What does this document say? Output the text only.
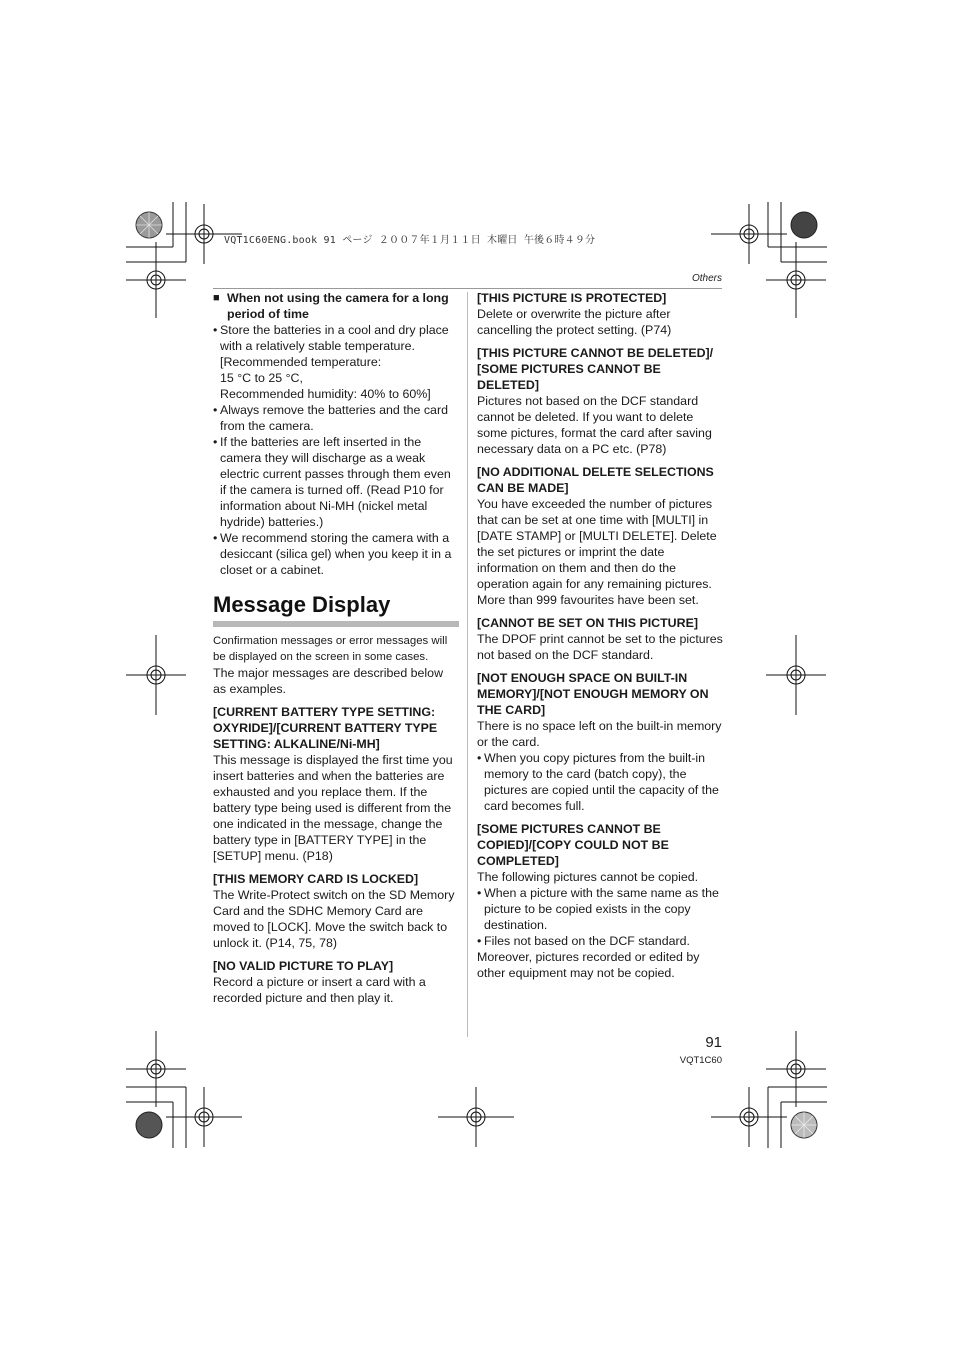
VQT1C60ENG.book 91 ページ ２００７年１月１１日 木曜日 午後６時４９分
Others
■ When not using the camera for a long period of time
• Store the batteries in a cool and dry place with a relatively stable temperature.
[Recommended temperature:
15 °C to 25 °C,
Recommended humidity: 40% to 60%]
• Always remove the batteries and the card from the camera.
• If the batteries are left inserted in the camera they will discharge as a weak electric current passes through them even if the camera is turned off. (Read P10 for information about Ni-MH (nickel metal hydride) batteries.)
• We recommend storing the camera with a desiccant (silica gel) when you keep it in a closet or a cabinet.

Message Display

Confirmation messages or error messages will be displayed on the screen in some cases.

The major messages are described below as examples.

[CURRENT BATTERY TYPE SETTING: OXYRIDE]/[CURRENT BATTERY TYPE SETTING: ALKALINE/Ni-MH]

This message is displayed the first time you insert batteries and when the batteries are exhausted and you replace them. If the battery type being used is different from the one indicated in the message, change the battery type in [BATTERY TYPE] in the [SETUP] menu. (P18)

[THIS MEMORY CARD IS LOCKED]

The Write-Protect switch on the SD Memory Card and the SDHC Memory Card are moved to [LOCK]. Move the switch back to unlock it. (P14, 75, 78)

[NO VALID PICTURE TO PLAY]

Record a picture or insert a card with a recorded picture and then play it.

[THIS PICTURE IS PROTECTED]

Delete or overwrite the picture after cancelling the protect setting. (P74)

[THIS PICTURE CANNOT BE DELETED]/ [SOME PICTURES CANNOT BE DELETED]

Pictures not based on the DCF standard cannot be deleted. If you want to delete some pictures, format the card after saving necessary data on a PC etc. (P78)

[NO ADDITIONAL DELETE SELECTIONS CAN BE MADE]

You have exceeded the number of pictures that can be set at one time with [MULTI] in [DATE STAMP] or [MULTI DELETE]. Delete the set pictures or imprint the date information on them and then do the operation again for any remaining pictures. More than 999 favourites have been set.

[CANNOT BE SET ON THIS PICTURE]

The DPOF print cannot be set to the pictures not based on the DCF standard.

[NOT ENOUGH SPACE ON BUILT-IN MEMORY]/[NOT ENOUGH MEMORY ON THE CARD]

There is no space left on the built-in memory or the card.

• When you copy pictures from the built-in memory to the card (batch copy), the pictures are copied until the capacity of the card becomes full.

[SOME PICTURES CANNOT BE COPIED]/[COPY COULD NOT BE COMPLETED]

The following pictures cannot be copied.

• When a picture with the same name as the picture to be copied exists in the copy destination.
• Files not based on the DCF standard.

Moreover, pictures recorded or edited by other equipment may not be copied.

91
VQT1C60
